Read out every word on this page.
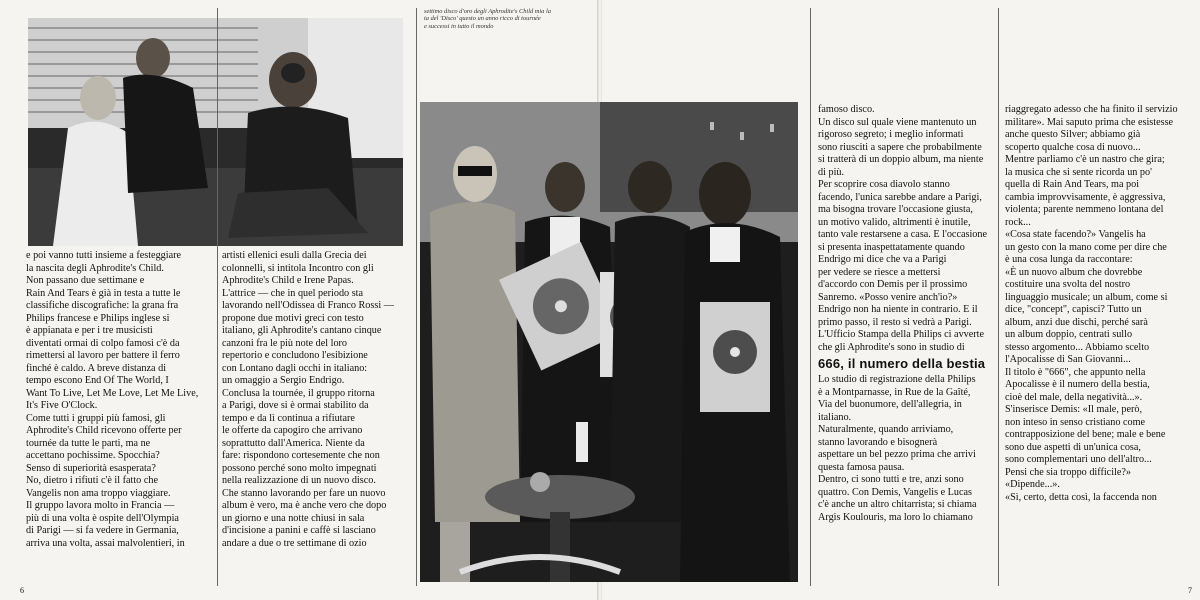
e poi vanno tutti insieme a festeggiare
la nascita degli Aphrodite's Child.
Non passano due settimane e
Rain And Tears è già in testa a tutte le
classifiche discografiche: la grana fra
Philips francese e Philips inglese si
è appianata e per i tre musicisti
diventati ormai di colpo famosi c'è da
rimettersi al lavoro per battere il ferro
finché è caldo. A breve distanza di
tempo escono End Of The World, I
Want To Live, Let Me Love, Let Me Live,
It's Five O'Clock.
Come tutti i gruppi più famosi, gli
Aphrodite's Child ricevono offerte per
tournée da tutte le parti, ma ne
accettano pochissime. Spocchia?
Senso di superiorità esasperata?
No, dietro i rifiuti c'è il fatto che
Vangelis non ama troppo viaggiare.
Il gruppo lavora molto in Francia —
più di una volta è ospite dell'Olympia
di Parigi — si fa vedere in Germania,
arriva una volta, assai malvolentieri, in

artisti ellenici esuli dalla Grecia dei
colonnelli, si intitola Incontro con gli
Aphrodite's Child e Irene Papas.
L'attrice — che in quel periodo sta
lavorando nell'Odissea di Franco Rossi —
propone due motivi greci con testo
italiano, gli Aphrodite's cantano cinque
canzoni fra le più note del loro
repertorio e concludono l'esibizione
con Lontano dagli occhi in italiano:
un omaggio a Sergio Endrigo.
Conclusa la tournée, il gruppo ritorna
a Parigi, dove si è ormai stabilito da
tempo e da lì continua a rifiutare
le offerte da capogiro che arrivano
soprattutto dall'America. Niente da
fare: rispondono cortesemente che non
possono perché sono molto impegnati
nella realizzazione di un nuovo disco.
Che stanno lavorando per fare un nuovo
album è vero, ma è anche vero che dopo
un giorno e una notte chiusi in sala
d'incisione a panini e caffè si lasciano
andare a due o tre settimane di ozio

6

famoso disco.
Un disco sul quale viene mantenuto un
rigoroso segreto; i meglio informati
sono riusciti a sapere che probabilmente
si tratterà di un doppio album, ma niente
di più.
Per scoprire cosa diavolo stanno
facendo, l'unica sarebbe andare a Parigi,
ma bisogna trovare l'occasione giusta,
un motivo valido, altrimenti è inutile,
tanto vale restarsene a casa. E l'occasione
si presenta inaspettatamente quando
Endrigo mi dice che va a Parigi
per vedere se riesce a mettersi
d'accordo con Demis per il prossimo
Sanremo. «Posso venire anch'io?»
Endrigo non ha niente in contrario. E il
primo passo, il resto si vedrà a Parigi.
L'Ufficio Stampa della Philips ci avverte
che gli Aphrodite's sono in studio di

666, il numero della bestia

Lo studio di registrazione della Philips
è a Montparnasse, in Rue de la Gaîté,
Via del buonumore, dell'allegria, in
italiano.
Naturalmente, quando arriviamo,
stanno lavorando e bisognerà
aspettare un bel pezzo prima che arrivi
questa famosa pausa.
Dentro, ci sono tutti e tre, anzi sono
quattro. Con Demis, Vangelis e Lucas
c'è anche un altro chitarrista; si chiama
Argis Koulouris, ma loro lo chiamano

riaggregato adesso che ha finito il servizio
militare». Mai saputo prima che esistesse
anche questo Silver; abbiamo già
scoperto qualche cosa di nuovo...
Mentre parliamo c'è un nastro che gira;
la musica che si sente ricorda un po'
quella di Rain And Tears, ma poi
cambia improvvisamente, è aggressiva,
violenta; parente nemmeno lontana del
rock...
«Cosa state facendo?» Vangelis ha
un gesto con la mano come per dire che
è una cosa lunga da raccontare:
«È un nuovo album che dovrebbe
costituire una svolta del nostro
linguaggio musicale; un album, come si
dice, "concept", capisci? Tutto un
album, anzi due dischi, perché sarà
un album doppio, centrati sullo
stesso argomento... Abbiamo scelto
l'Apocalisse di San Giovanni...
Il titolo è "666", che appunto nella
Apocalisse è il numero della bestia,
cioè del male, della negatività...».
S'inserisce Demis: «Il male, però,
non inteso in senso cristiano come
contrapposizione del bene; male e bene
sono due aspetti di un'unica cosa,
sono complementari uno dell'altro...
Pensi che sia troppo difficile?»
«Dipende...».
«Sì, certo, detta così, la faccenda non

7
settimo disco d'oro degli Aphrodite's Child mia la
ta del 'Disco' questo un anno ricco di tournée
e successi in tutto il mondo
